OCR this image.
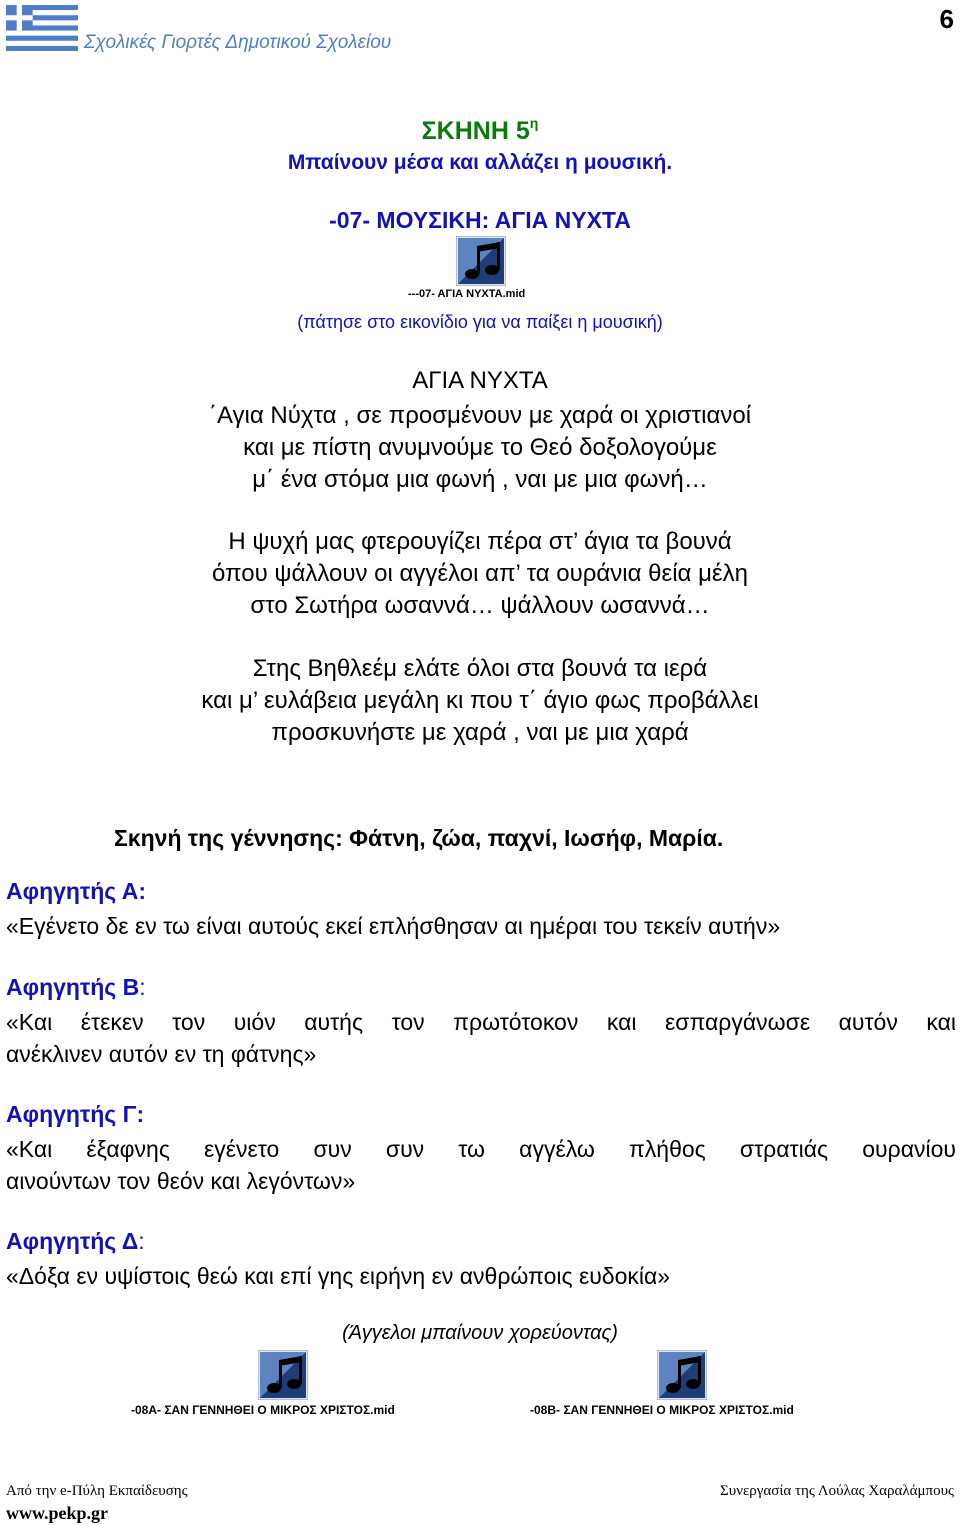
Σχολικές Γιορτές Δημοτικού Σχολείου
6
ΣΚΗΝΗ $5^\eta$
Μπαίνουν μέσα και αλλάζει η μουσική.
-07- ΜΟΥΣΙΚΗ: ΑΓΙΑ ΝΥΧΤΑ
---07- ΑΓΙΑ ΝΥΧΤΑ.mid
(πάτησε στο εικονίδιο για να παίξει η μουσική)
ΑΓΙΑ ΝΥΧΤΑ
΄Αγια Νύχτα , σε προσμένουν με χαρά οι χριστιανοί
και με πίστη ανυμνούμε το Θεό δοξολογούμε
μ΄ ένα στόμα μια φωνή , ναι με μια φωνή…
Η ψυχή μας φτερουγίζει πέρα στ’ άγια τα βουνά
όπου ψάλλουν οι αγγέλοι απ’ τα ουράνια θεία μέλη
στο Σωτήρα ωσαννά… ψάλλουν ωσαννά…
Στης Βηθλεέμ ελάτε όλοι στα βουνά τα ιερά
και μ’ ευλάβεια μεγάλη κι που τ΄ άγιο φως προβάλλει
προσκυνήστε με χαρά , ναι με μια χαρά
Σκηνή της γέννησης: Φάτνη, ζώα, παχνί, Ιωσήφ, Μαρία.
Αφηγητής Α:
«Εγένετο δε εν τω είναι αυτούς εκεί επλήσθησαν αι ημέραι του τεκείν αυτήν»
Αφηγητής Β:
«Και έτεκεν τον υιόν αυτής τον πρωτότοκον και εσπαργάνωσε αυτόν και
ανέκλινεν αυτόν εν τη φάτνης»
Αφηγητής Γ:
«Και έξαφνης εγένετο συν συν τω αγγέλω πλήθος στρατιάς ουρανίου
αινούντων τον θεόν και λεγόντων»
Αφηγητής Δ:
«Δόξα εν υψίστοις θεώ και επί γης ειρήνη εν ανθρώποις ευδοκία»
(Άγγελοι μπαίνουν χορεύοντας)
-08Α- ΣΑΝ ΓΕΝΝΗΘΕΙ Ο ΜΙΚΡΟΣ ΧΡΙΣΤΟΣ.mid	-08Β- ΣΑΝ ΓΕΝΝΗΘΕΙ Ο ΜΙΚΡΟΣ ΧΡΙΣΤΟΣ.mid
Από την e-Πύλη Εκπαίδευσης
www.pekp.gr
Συνεργασία της Λούλας Χαραλάμπους
